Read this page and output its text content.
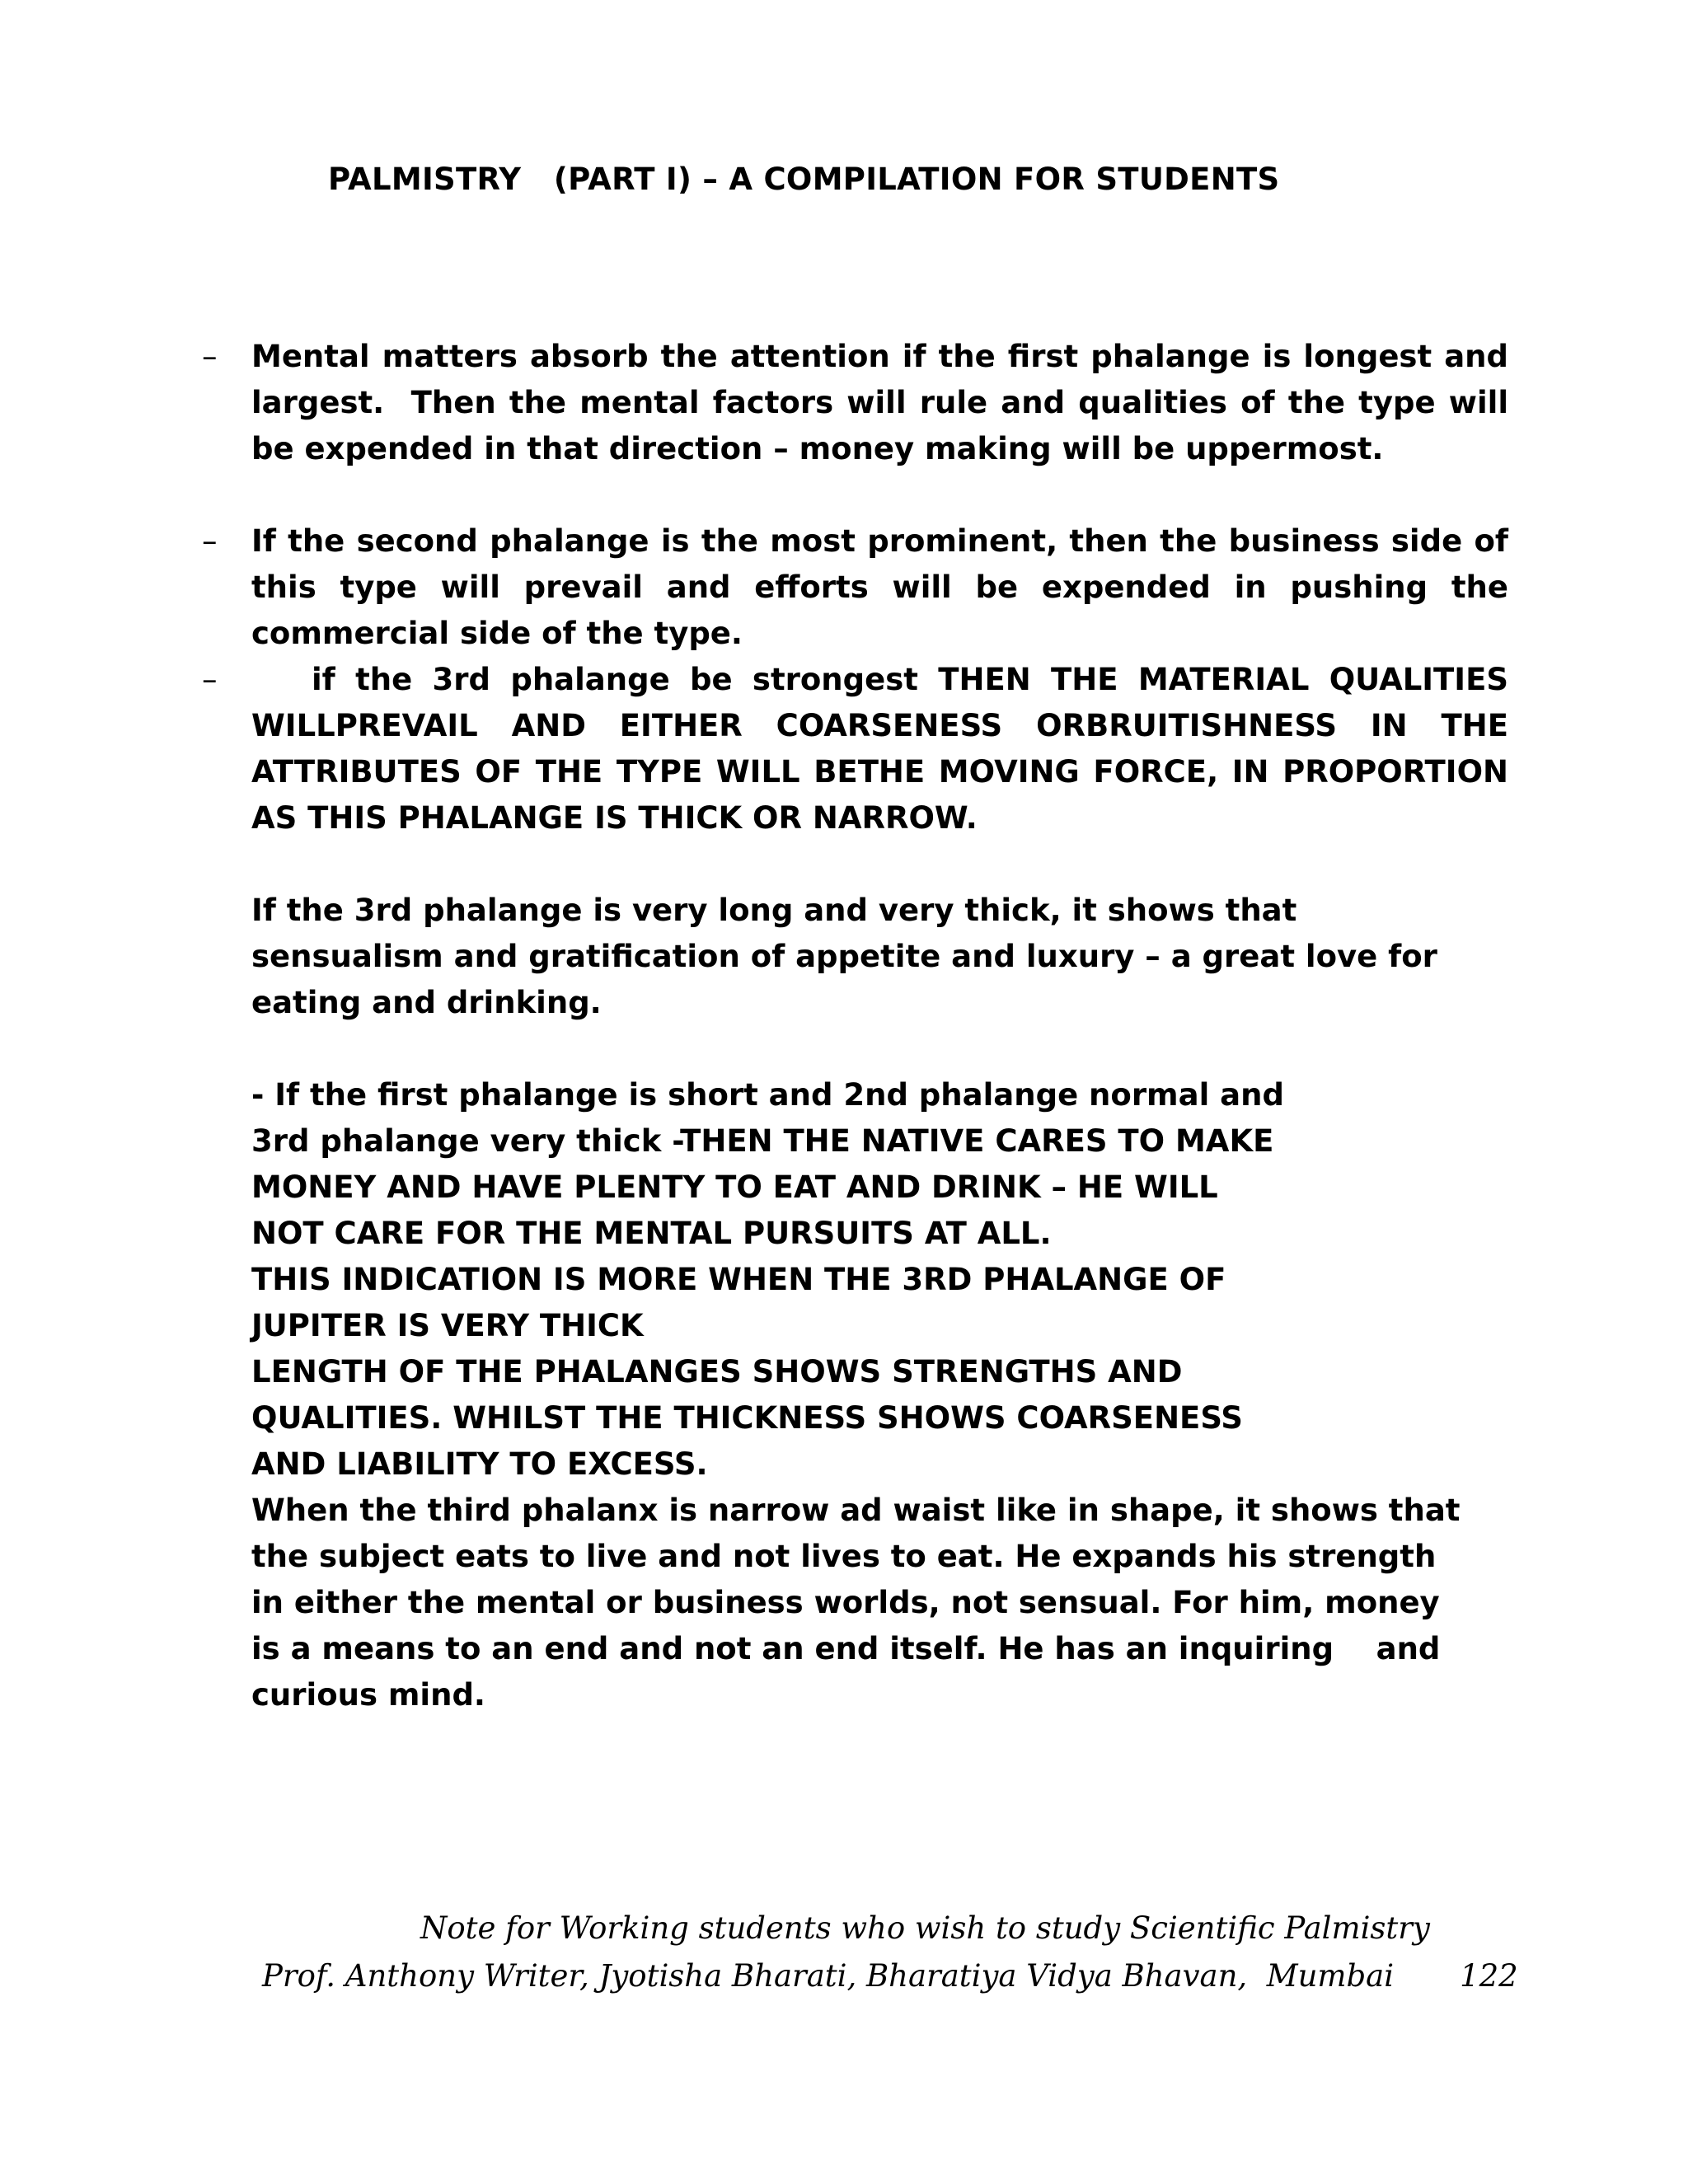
PALMISTRY   (PART I) – A COMPILATION FOR STUDENTS
– Mental matters absorb the attention if the first phalange is longest and largest.  Then the mental factors will rule and qualities of the type will be expended in that direction – money making will be uppermost.
– If the second phalange is the most prominent, then the business side of this type will prevail and efforts will be expended in pushing the commercial side of the type.
– if the 3rd phalange be strongest THEN THE MATERIAL QUALITIES WILLPREVAIL AND EITHER COARSENESS ORBRUITISHNESS IN THE ATTRIBUTES OF THE TYPE WILL BETHE MOVING FORCE, IN PROPORTION AS THIS PHALANGE IS THICK OR NARROW.
If the 3rd phalange is very long and very thick, it shows that
sensualism and gratification of appetite and luxury – a great love for
eating and drinking.
- If the first phalange is short and 2nd phalange normal and
3rd phalange very thick -THEN THE NATIVE CARES TO MAKE
MONEY AND HAVE PLENTY TO EAT AND DRINK – HE WILL
NOT CARE FOR THE MENTAL PURSUITS AT ALL.
THIS INDICATION IS MORE WHEN THE 3RD PHALANGE OF
JUPITER IS VERY THICK
LENGTH OF THE PHALANGES SHOWS STRENGTHS AND
QUALITIES. WHILST THE THICKNESS SHOWS COARSENESS
AND LIABILITY TO EXCESS.
When the third phalanx is narrow ad waist like in shape, it shows that
the subject eats to live and not lives to eat. He expands his strength
in either the mental or business worlds, not sensual. For him, money
is a means to an end and not an end itself. He has an inquiring    and
curious mind.
Note for Working students who wish to study Scientific Palmistry
Prof. Anthony Writer, Jyotisha Bharati, Bharatiya Vidya Bhavan,  Mumbai 122
